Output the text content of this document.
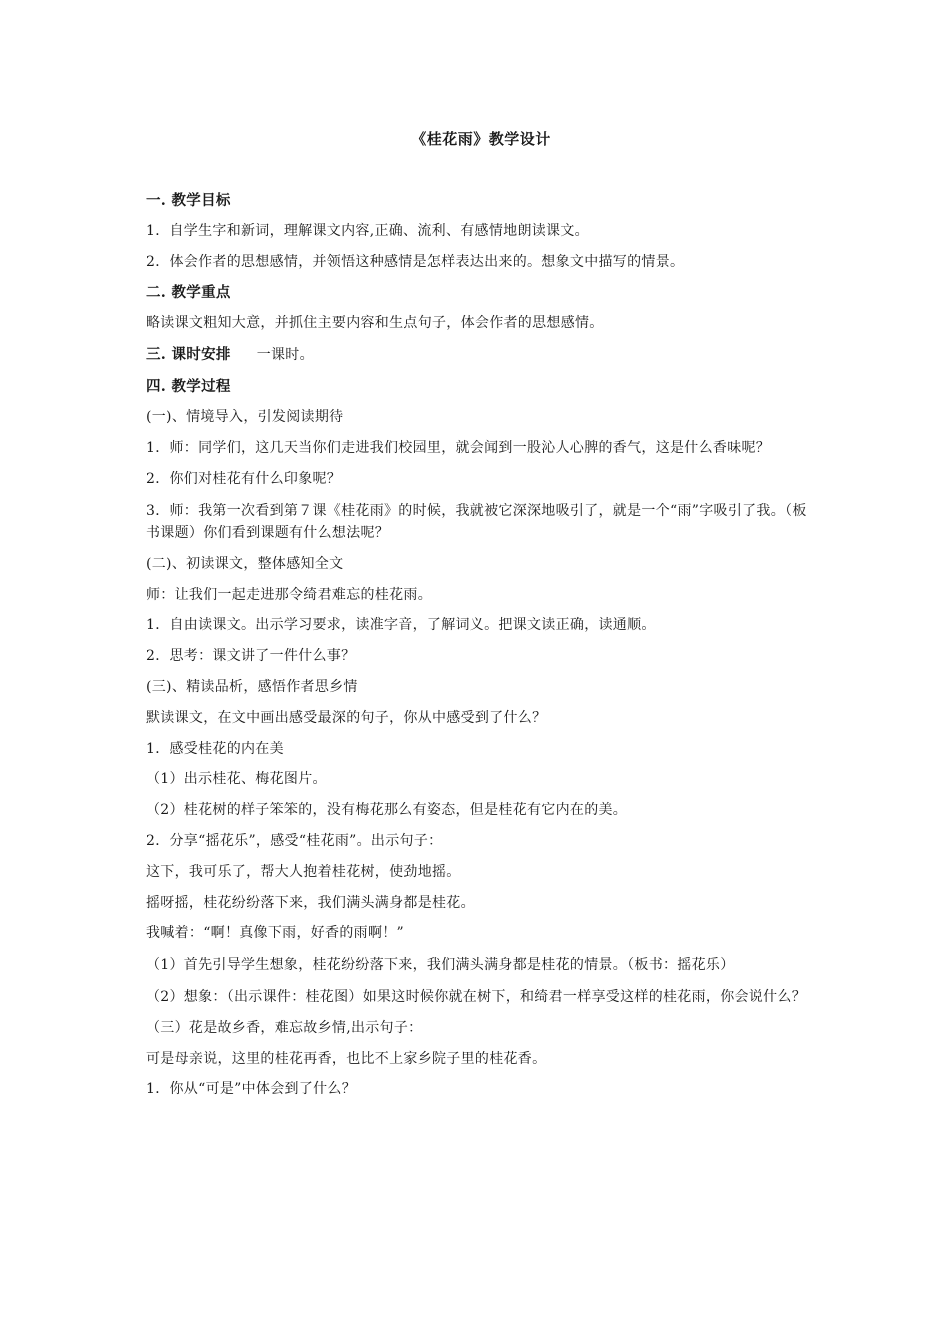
《桂花雨》教学设计
一. 教学目标
1．自学生字和新词，理解课文内容,正确、流利、有感情地朗读课文。
2．体会作者的思想感情，并领悟这种感情是怎样表达出来的。想象文中描写的情景。
二. 教学重点
略读课文粗知大意，并抓住主要内容和生点句子，体会作者的思想感情。
三. 课时安排 一课时。
四. 教学过程
(一)、情境导入，引发阅读期待
1．师：同学们，这几天当你们走进我们校园里，就会闻到一股沁人心脾的香气，这是什么香味呢？
2．你们对桂花有什么印象呢？
3．师：我第一次看到第７课《桂花雨》的时候，我就被它深深地吸引了，就是一个“雨”字吸引了我。（板书课题）你们看到课题有什么想法呢？
(二)、初读课文，整体感知全文
师：让我们一起走进那令绮君难忘的桂花雨。
1．自由读课文。出示学习要求，读准字音，了解词义。把课文读正确，读通顺。
2．思考：课文讲了一件什么事？
(三)、精读品析，感悟作者思乡情
默读课文，在文中画出感受最深的句子，你从中感受到了什么？
1．感受桂花的内在美
（1）出示桂花、梅花图片。
（2）桂花树的样子笨笨的，没有梅花那么有姿态，但是桂花有它内在的美。
2．分享“摇花乐”，感受“桂花雨”。出示句子：
这下，我可乐了，帮大人抱着桂花树，使劲地摇。
摇呀摇，桂花纷纷落下来，我们满头满身都是桂花。
我喊着：“啊！真像下雨，好香的雨啊！”
（1）首先引导学生想象，桂花纷纷落下来，我们满头满身都是桂花的情景。（板书：摇花乐）
（2）想象：（出示课件：桂花图）如果这时候你就在树下，和绮君一样享受这样的桂花雨，你会说什么？
（三）花是故乡香，难忘故乡情,出示句子：
可是母亲说，这里的桂花再香，也比不上家乡院子里的桂花香。
1．你从“可是”中体会到了什么？
